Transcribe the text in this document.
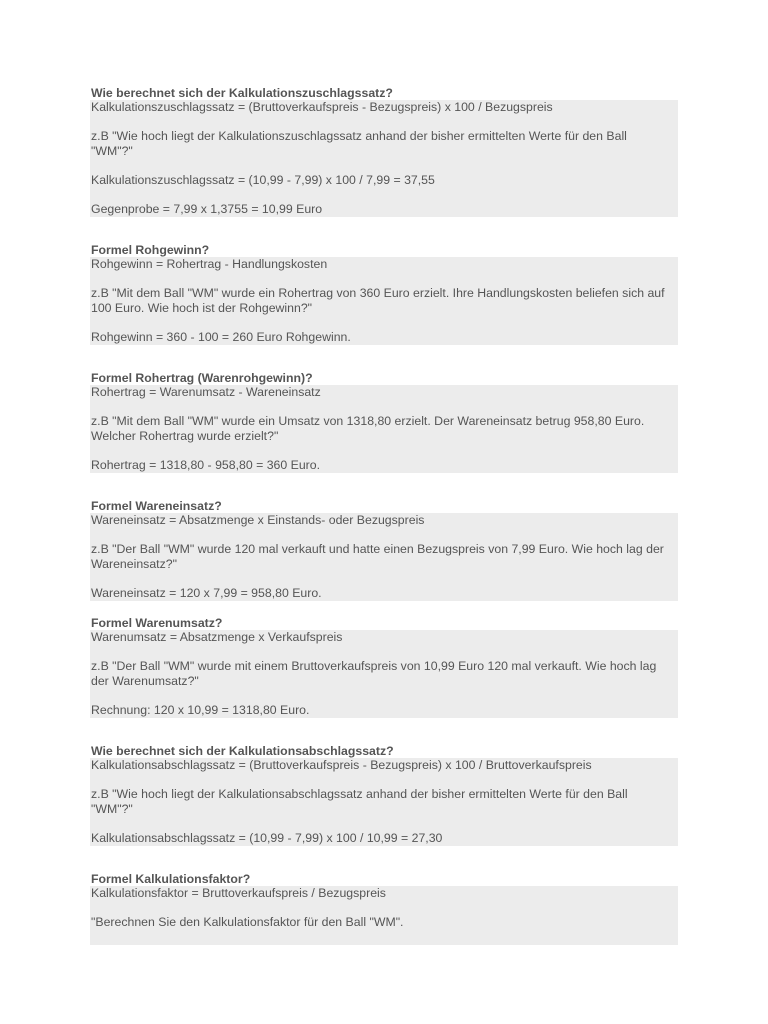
Wie berechnet sich der Kalkulationszuschlagssatz?

Kalkulationszuschlagssatz = (Bruttoverkaufspreis - Bezugspreis) x 100 / Bezugspreis

z.B "Wie hoch liegt der Kalkulationszuschlagssatz anhand der bisher ermittelten Werte für den Ball "WM"?"

Kalkulationszuschlagssatz = (10,99 - 7,99) x 100 / 7,99 = 37,55

Gegenprobe = 7,99 x 1,3755 = 10,99 Euro

Formel Rohgewinn?

Rohgewinn = Rohertrag - Handlungskosten

z.B "Mit dem Ball "WM" wurde ein Rohertrag von 360 Euro erzielt. Ihre Handlungskosten beliefen sich auf 100 Euro. Wie hoch ist der Rohgewinn?"

Rohgewinn = 360 - 100 = 260 Euro Rohgewinn.

Formel Rohertrag (Warenrohgewinn)?

Rohertrag = Warenumsatz - Wareneinsatz

z.B "Mit dem Ball "WM" wurde ein Umsatz von 1318,80 erzielt. Der Wareneinsatz betrug 958,80 Euro. Welcher Rohertrag wurde erzielt?"

Rohertrag = 1318,80 - 958,80 = 360 Euro.

Formel Wareneinsatz?

Wareneinsatz = Absatzmenge x Einstands- oder Bezugspreis

z.B "Der Ball "WM" wurde 120 mal verkauft und hatte einen Bezugspreis von 7,99 Euro. Wie hoch lag der Wareneinsatz?"

Wareneinsatz = 120 x 7,99 = 958,80 Euro.

Formel Warenumsatz?

Warenumsatz = Absatzmenge x Verkaufspreis

z.B "Der Ball "WM" wurde mit einem Bruttoverkaufspreis von 10,99 Euro 120 mal verkauft. Wie hoch lag der Warenumsatz?"

Rechnung: 120 x 10,99 = 1318,80 Euro.

Wie berechnet sich der Kalkulationsabschlagssatz?

Kalkulationsabschlagssatz = (Bruttoverkaufspreis - Bezugspreis) x 100 / Bruttoverkaufspreis

z.B "Wie hoch liegt der Kalkulationsabschlagssatz anhand der bisher ermittelten Werte für den Ball "WM"?"

Kalkulationsabschlagssatz = (10,99 - 7,99) x 100 / 10,99 = 27,30

Formel Kalkulationsfaktor?

Kalkulationsfaktor = Bruttoverkaufspreis / Bezugspreis

"Berechnen Sie den Kalkulationsfaktor für den Ball "WM".
